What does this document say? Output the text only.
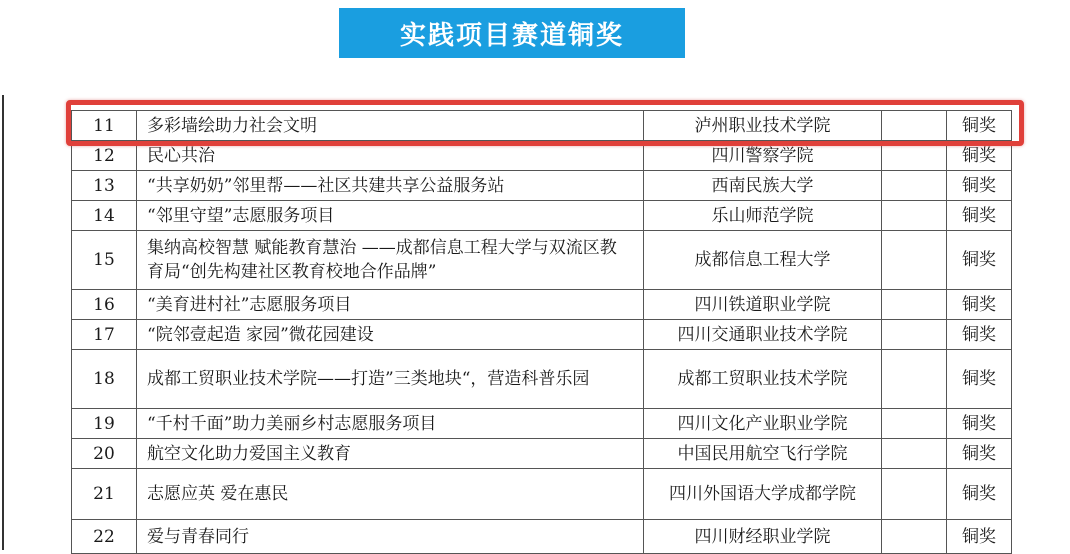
实践项目赛道铜奖
11	多彩墙绘助力社会文明	泸州职业技术学院		铜奖
12	民心共治	四川警察学院		铜奖
13	“共享奶奶”邻里帮——社区共建共享公益服务站	西南民族大学		铜奖
14	“邻里守望”志愿服务项目	乐山师范学院		铜奖
15	集纳高校智慧 赋能教育慧治 ——成都信息工程大学与双流区教育局“创先构建社区教育校地合作品牌”	成都信息工程大学		铜奖
16	“美育进村社”志愿服务项目	四川铁道职业学院		铜奖
17	“院邻壹起造 家园”微花园建设	四川交通职业技术学院		铜奖
18	成都工贸职业技术学院——打造”三类地块“，营造科普乐园	成都工贸职业技术学院		铜奖
19	“千村千面”助力美丽乡村志愿服务项目	四川文化产业职业学院		铜奖
20	航空文化助力爱国主义教育	中国民用航空飞行学院		铜奖
21	志愿应英 爱在惠民	四川外国语大学成都学院		铜奖
22	爱与青春同行	四川财经职业学院		铜奖
